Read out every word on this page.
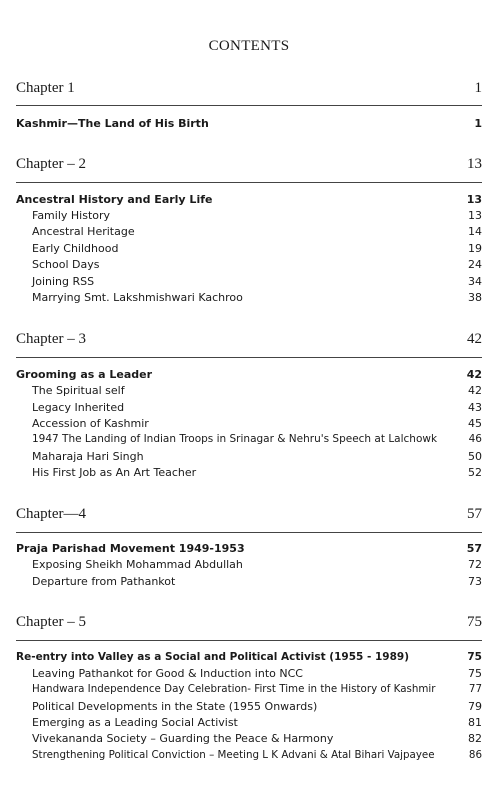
CONTENTS
Chapter 1	1
Kashmir—The Land of His Birth	1
Chapter – 2	13
Ancestral History and Early Life	13
Family History	13
Ancestral Heritage	14
Early Childhood	19
School Days	24
Joining RSS	34
Marrying Smt. Lakshmishwari Kachroo	38
Chapter – 3	42
Grooming as a Leader	42
The Spiritual self	42
Legacy Inherited	43
Accession of Kashmir	45
1947 The Landing of Indian Troops in Srinagar & Nehru's Speech at Lalchowk	46
Maharaja Hari Singh	50
His First Job as An Art Teacher	52
Chapter—4	57
Praja Parishad Movement 1949-1953	57
Exposing Sheikh Mohammad Abdullah	72
Departure from Pathankot	73
Chapter – 5	75
Re-entry into Valley as a Social and Political Activist (1955 - 1989)	75
Leaving Pathankot for Good & Induction into NCC	75
Handwara Independence Day Celebration- First Time in the History of Kashmir	77
Political Developments in the State (1955 Onwards)	79
Emerging as a Leading Social Activist	81
Vivekananda Society – Guarding the Peace & Harmony	82
Strengthening Political Conviction – Meeting L K Advani & Atal Bihari Vajpayee	86
